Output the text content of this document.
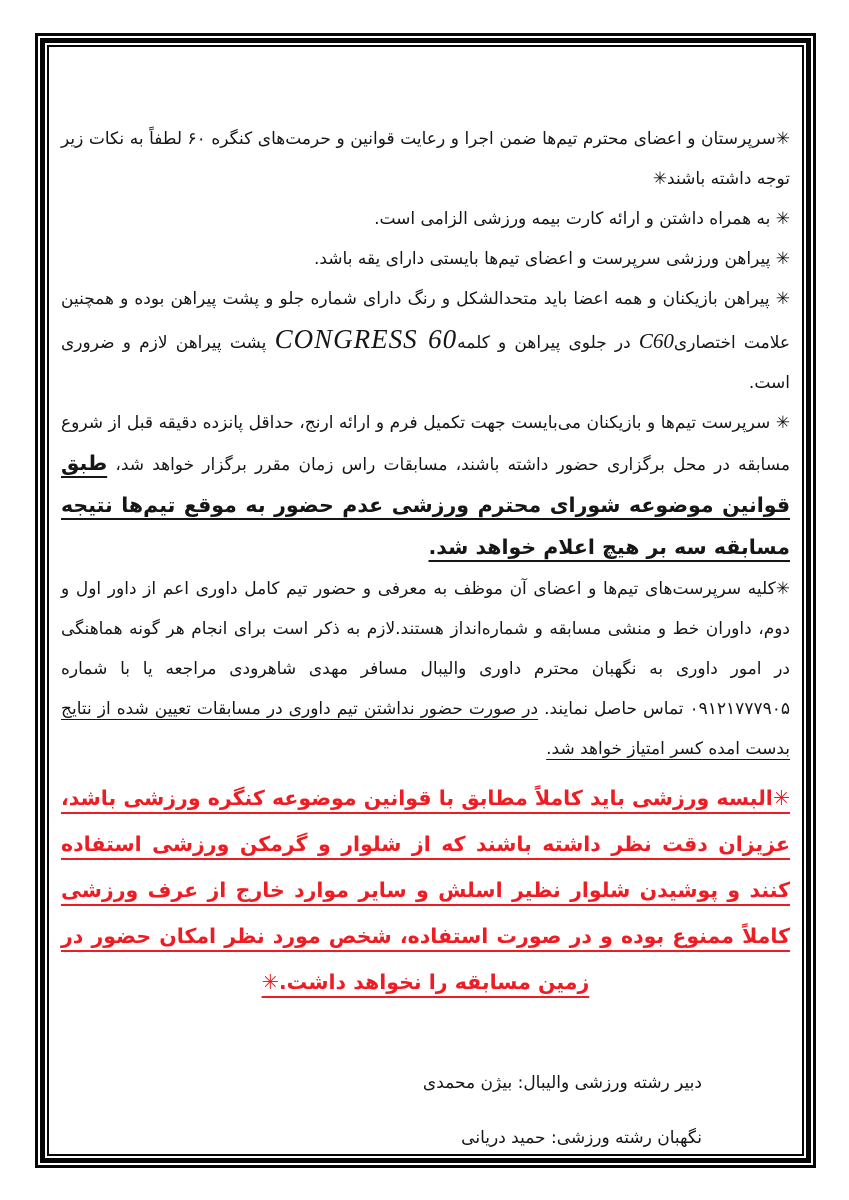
✳سرپرستان و اعضای محترم تیم‌ها ضمن اجرا و رعایت قوانین و حرمت‌های کنگره ۶۰ لطفاً به نکات زیر توجه داشته باشند✳

✳ به همراه داشتن و ارائه کارت بیمه ورزشی الزامی است.

✳ پیراهن ورزشی سرپرست و اعضای تیم‌ها بایستی دارای یقه باشد.

✳ پیراهن بازیکنان و همه اعضا باید متحدالشکل و رنگ دارای شماره جلو و پشت پیراهن بوده و همچنین علامت اختصاریC60 در جلوی پیراهن و کلمهCONGRESS 60 پشت پیراهن لازم و ضروری است.

✳ سرپرست تیم‌ها و بازیکنان می‌بایست جهت تکمیل فرم و ارائه ارنج، حداقل پانزده دقیقه قبل از شروع مسابقه در محل برگزاری حضور داشته باشند، مسابقات راس زمان مقرر برگزار خواهد شد، طبق قوانین موضوعه شورای محترم ورزشی عدم حضور به موقع تیم‌ها نتیجه مسابقه سه بر هیچ اعلام خواهد شد.

✳کلیه سرپرست‌های تیم‌ها و اعضای آن موظف به معرفی و حضور تیم کامل داوری اعم از داور اول و دوم، داوران خط و منشی مسابقه و شماره‌انداز هستند.لازم به ذکر است برای انجام هر گونه هماهنگی در امور داوری به نگهبان محترم داوری والیبال مسافر مهدی شاهرودی مراجعه یا با شماره ۰۹۱۲۱۷۷۷۹۰۵ تماس حاصل نمایند. در صورت حضور نداشتن تیم داوری در مسابقات تعیین شده از نتایج بدست امده کسر امتیاز خواهد شد.

✳البسه ورزشی باید کاملاً مطابق با قوانین موضوعه کنگره ورزشی باشد، عزیزان دقت نظر داشته باشند که از شلوار و گرمکن ورزشی استفاده کنند و پوشیدن شلوار نظیر اسلش و سایر موارد خارج از عرف ورزشی کاملاً ممنوع بوده و در صورت استفاده، شخص مورد نظر امکان حضور در زمین مسابقه را نخواهد داشت.✳

دبیر رشته ورزشی والیبال: بیژن محمدی

نگهبان رشته ورزشی: حمید دریانی
